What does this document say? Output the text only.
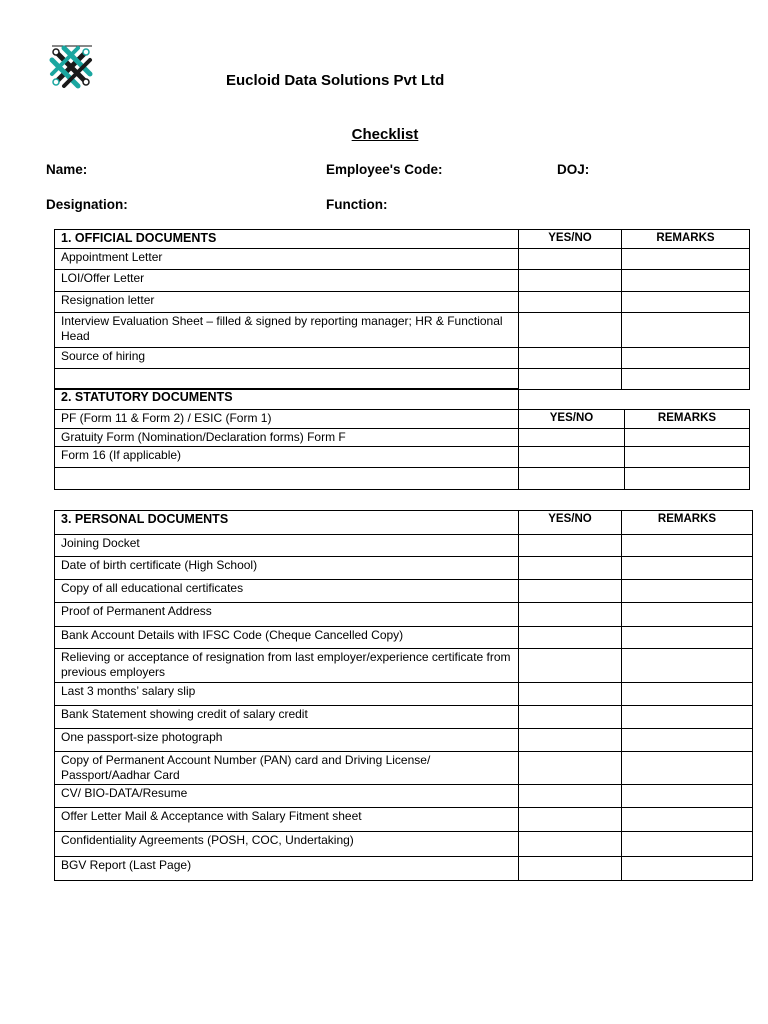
Eucloid Data Solutions Pvt Ltd
Checklist
Name:	Employee's Code:	DOJ:
Designation:	Function:
1. OFFICIAL DOCUMENTS	YES/NO	REMARKS
Appointment Letter		
LOI/Offer Letter		
Resignation letter		
Interview Evaluation Sheet – filled & signed by reporting manager; HR & Functional Head		
Source of hiring		

2. STATUTORY DOCUMENTS		
PF (Form 11 & Form 2) / ESIC (Form 1)	YES/NO	REMARKS
Gratuity Form (Nomination/Declaration forms) Form F		
Form 16 (If applicable)		

3. PERSONAL DOCUMENTS	YES/NO	REMARKS
Joining Docket		
Date of birth certificate (High School)		
Copy of all educational certificates		
Proof of Permanent Address		
Bank Account Details with IFSC Code (Cheque Cancelled Copy)		
Relieving or acceptance of resignation from last employer/experience certificate from previous employers		
Last 3 months’ salary slip		
Bank Statement showing credit of salary credit		
One passport-size photograph		
Copy of Permanent Account Number (PAN) card and Driving License/ Passport/Aadhar Card		
CV/ BIO-DATA/Resume		
Offer Letter Mail & Acceptance with Salary Fitment sheet		
Confidentiality Agreements (POSH, COC, Undertaking)		
BGV Report (Last Page)		
